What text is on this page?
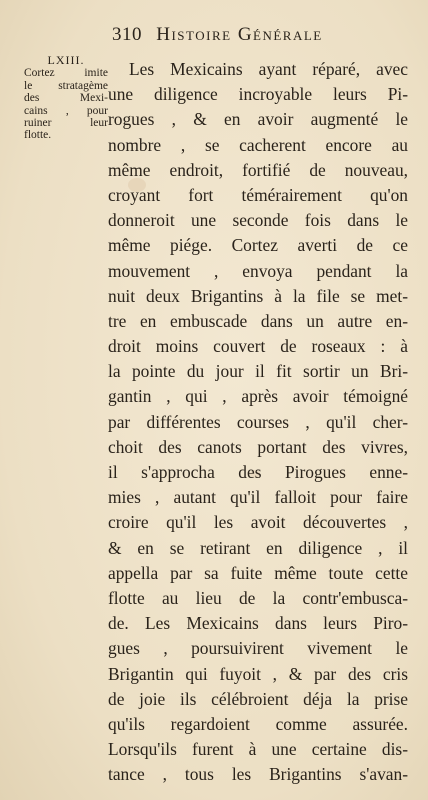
310 Histoire Générale
LXIII.
Cortez imite
le stratagème
des Mexi-
cains , pour
ruiner leur
flotte.
Les Mexicains ayant réparé, avec
une diligence incroyable leurs Pi-
rogues , & en avoir augmenté le
nombre , se cacherent encore au
même endroit, fortifié de nouveau,
croyant fort témérairement qu'on
donneroit une seconde fois dans le
même piége. Cortez averti de ce
mouvement , envoya pendant la
nuit deux Brigantins à la file se met-
tre en embuscade dans un autre en-
droit moins couvert de roseaux : à
la pointe du jour il fit sortir un Bri-
gantin , qui , après avoir témoigné
par différentes courses , qu'il cher-
choit des canots portant des vivres,
il s'approcha des Pirogues enne-
mies , autant qu'il falloit pour faire
croire qu'il les avoit découvertes ,
& en se retirant en diligence , il
appella par sa fuite même toute cette
flotte au lieu de la contr'embusca-
de. Les Mexicains dans leurs Piro-
gues , poursuivirent vivement le
Brigantin qui fuyoit , & par des cris
de joie ils célébroient déja la prise
qu'ils regardoient comme assurée.
Lorsqu'ils furent à une certaine dis-
tance , tous les Brigantins s'avan-
